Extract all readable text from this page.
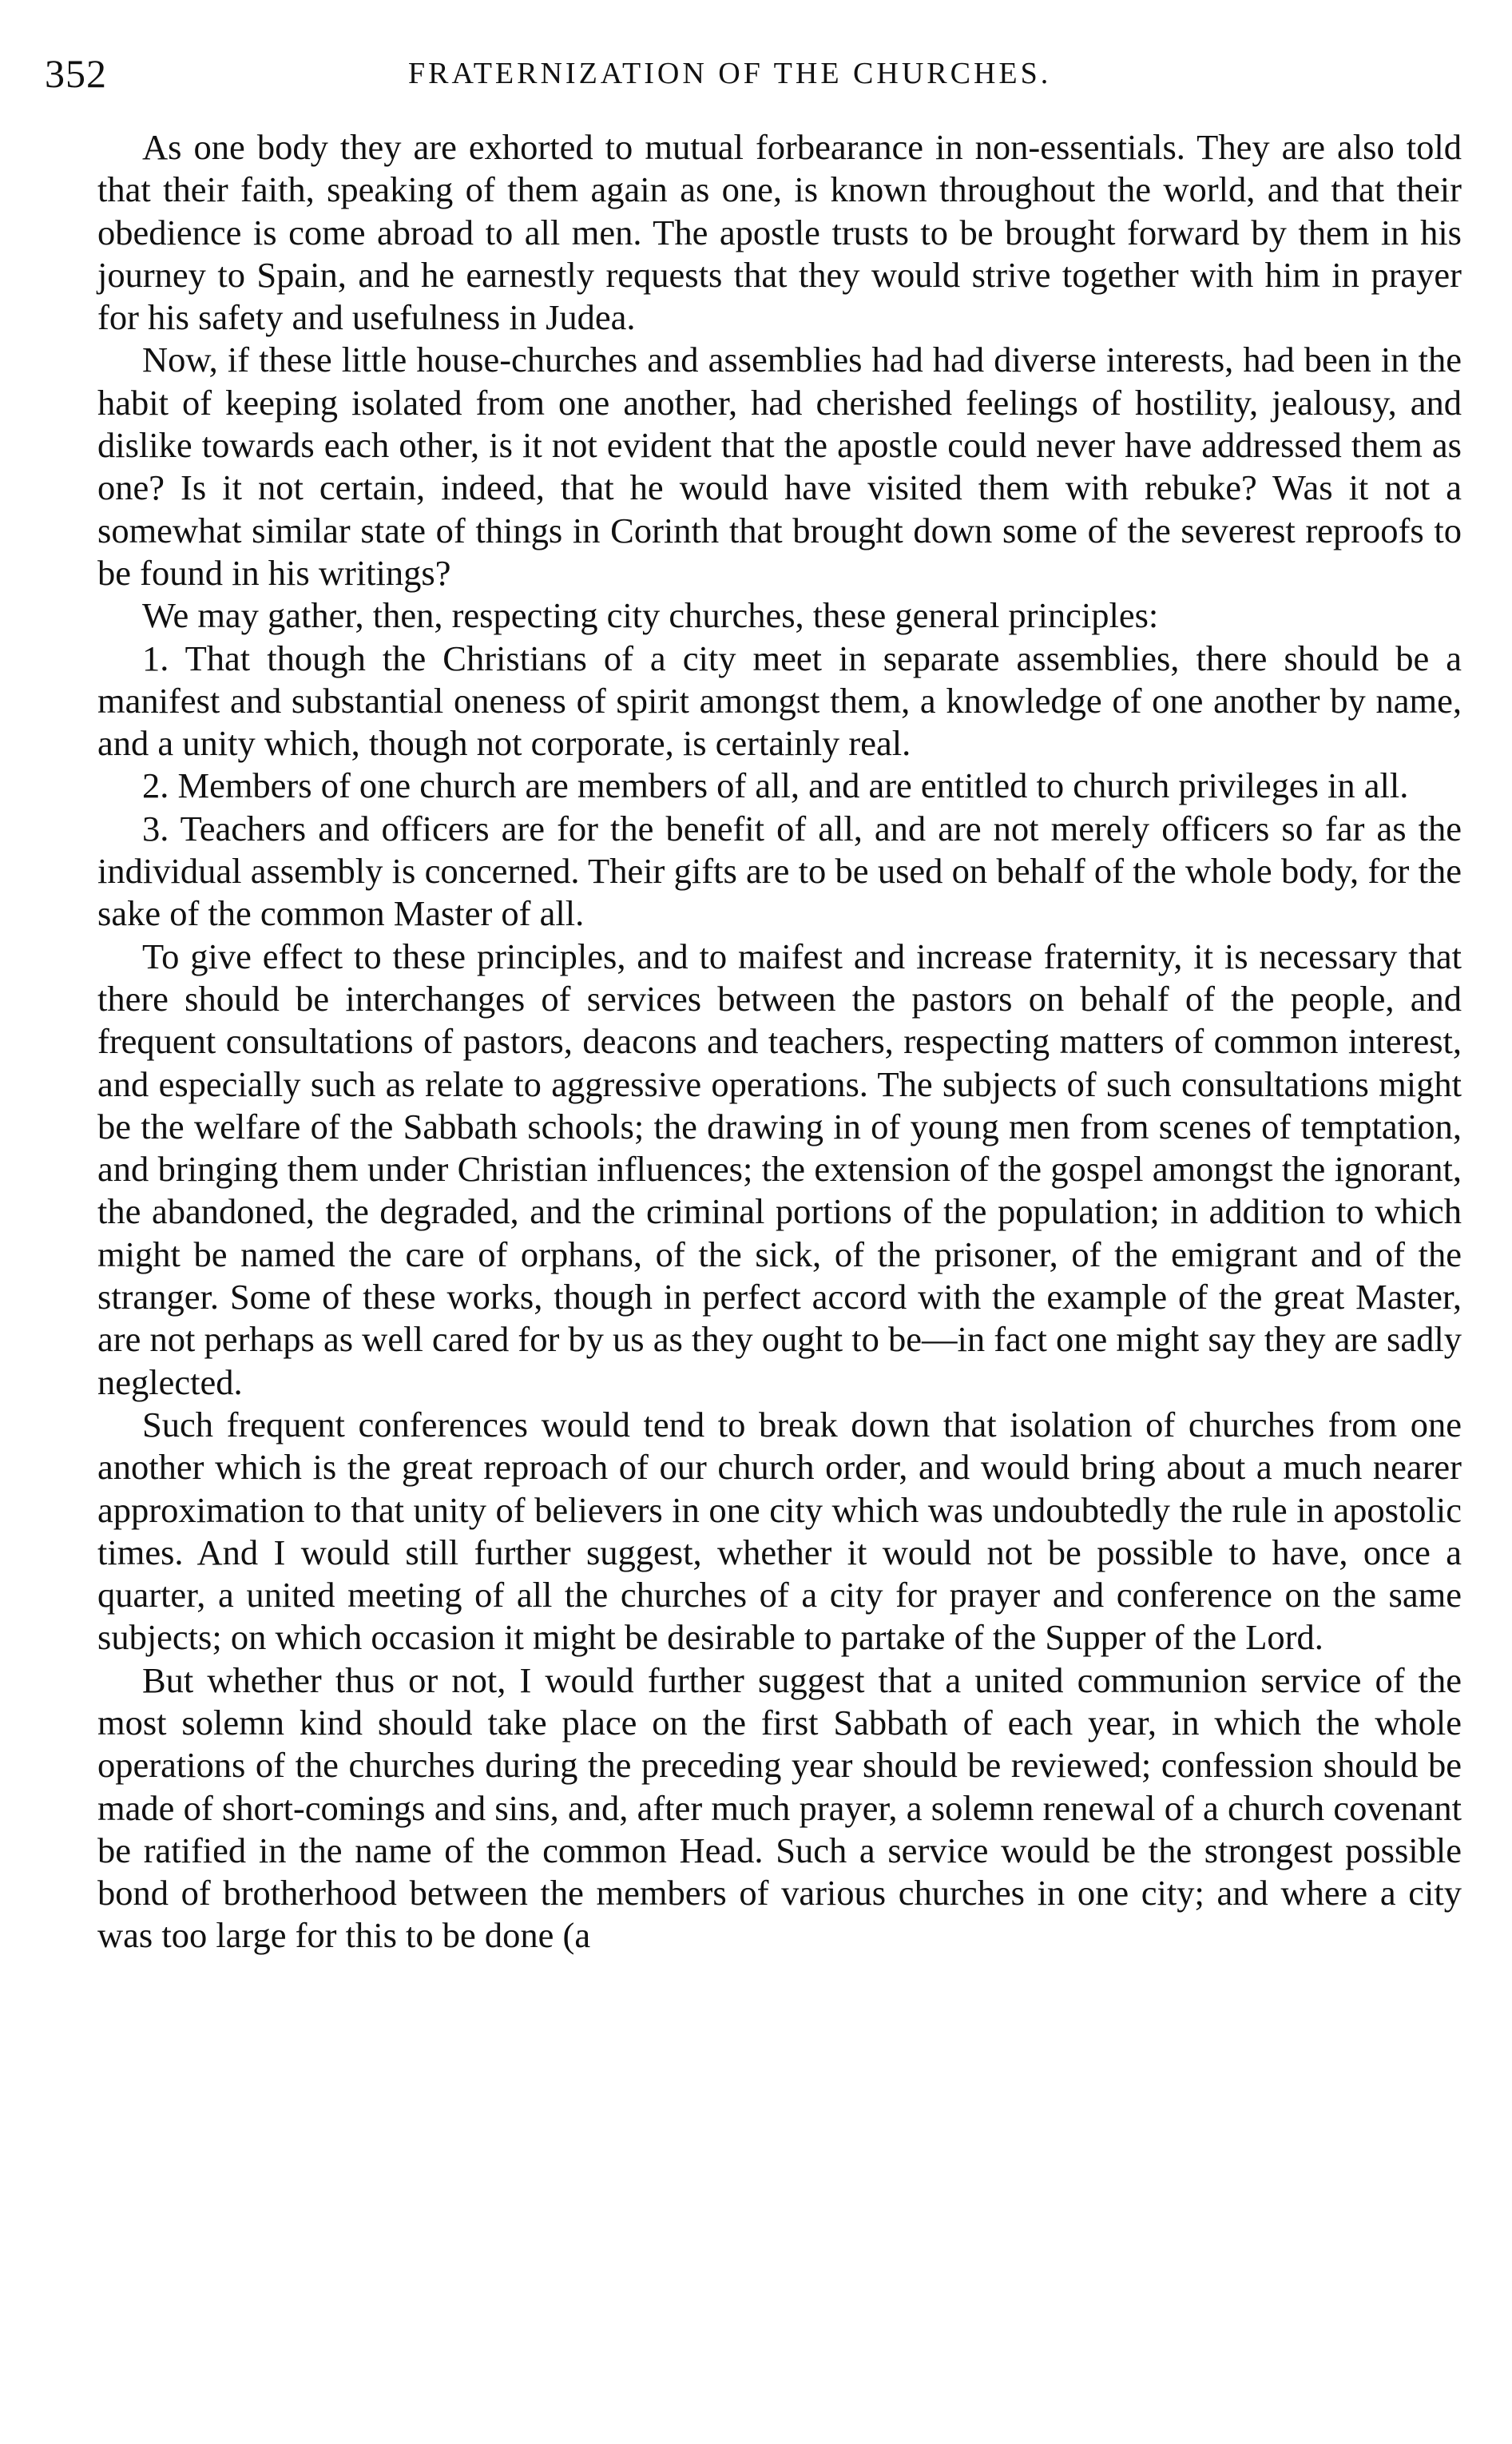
352	FRATERNIZATION OF THE CHURCHES.

As one body they are exhorted to mutual forbearance in non-essentials. They are also told that their faith, speaking of them again as one, is known throughout the world, and that their obedience is come abroad to all men. The apostle trusts to be brought forward by them in his journey to Spain, and he earnestly requests that they would strive together with him in prayer for his safety and usefulness in Judea.

Now, if these little house-churches and assemblies had had diverse interests, had been in the habit of keeping isolated from one another, had cherished feelings of hostility, jealousy, and dislike towards each other, is it not evident that the apostle could never have addressed them as one? Is it not certain, indeed, that he would have visited them with rebuke? Was it not a somewhat similar state of things in Corinth that brought down some of the severest reproofs to be found in his writings?

We may gather, then, respecting city churches, these general principles:

1. That though the Christians of a city meet in separate assemblies, there should be a manifest and substantial oneness of spirit amongst them, a knowledge of one another by name, and a unity which, though not corporate, is certainly real.

2. Members of one church are members of all, and are entitled to church privileges in all.

3. Teachers and officers are for the benefit of all, and are not merely officers so far as the individual assembly is concerned. Their gifts are to be used on behalf of the whole body, for the sake of the common Master of all.

To give effect to these principles, and to maifest and increase fraternity, it is necessary that there should be interchanges of services between the pastors on behalf of the people, and frequent consultations of pastors, deacons and teachers, respecting matters of common interest, and especially such as relate to aggressive operations. The subjects of such consultations might be the welfare of the Sabbath schools; the drawing in of young men from scenes of temptation, and bringing them under Christian influences; the extension of the gospel amongst the ignorant, the abandoned, the degraded, and the criminal portions of the population; in addition to which might be named the care of orphans, of the sick, of the prisoner, of the emigrant and of the stranger. Some of these works, though in perfect accord with the example of the great Master, are not perhaps as well cared for by us as they ought to be—in fact one might say they are sadly neglected.

Such frequent conferences would tend to break down that isolation of churches from one another which is the great reproach of our church order, and would bring about a much nearer approximation to that unity of believers in one city which was undoubtedly the rule in apostolic times. And I would still further suggest, whether it would not be possible to have, once a quarter, a united meeting of all the churches of a city for prayer and conference on the same subjects; on which occasion it might be desirable to partake of the Supper of the Lord.

But whether thus or not, I would further suggest that a united communion service of the most solemn kind should take place on the first Sabbath of each year, in which the whole operations of the churches during the preceding year should be reviewed; confession should be made of short-comings and sins, and, after much prayer, a solemn renewal of a church covenant be ratified in the name of the common Head. Such a service would be the strongest possible bond of brotherhood between the members of various churches in one city; and where a city was too large for this to be done (a
